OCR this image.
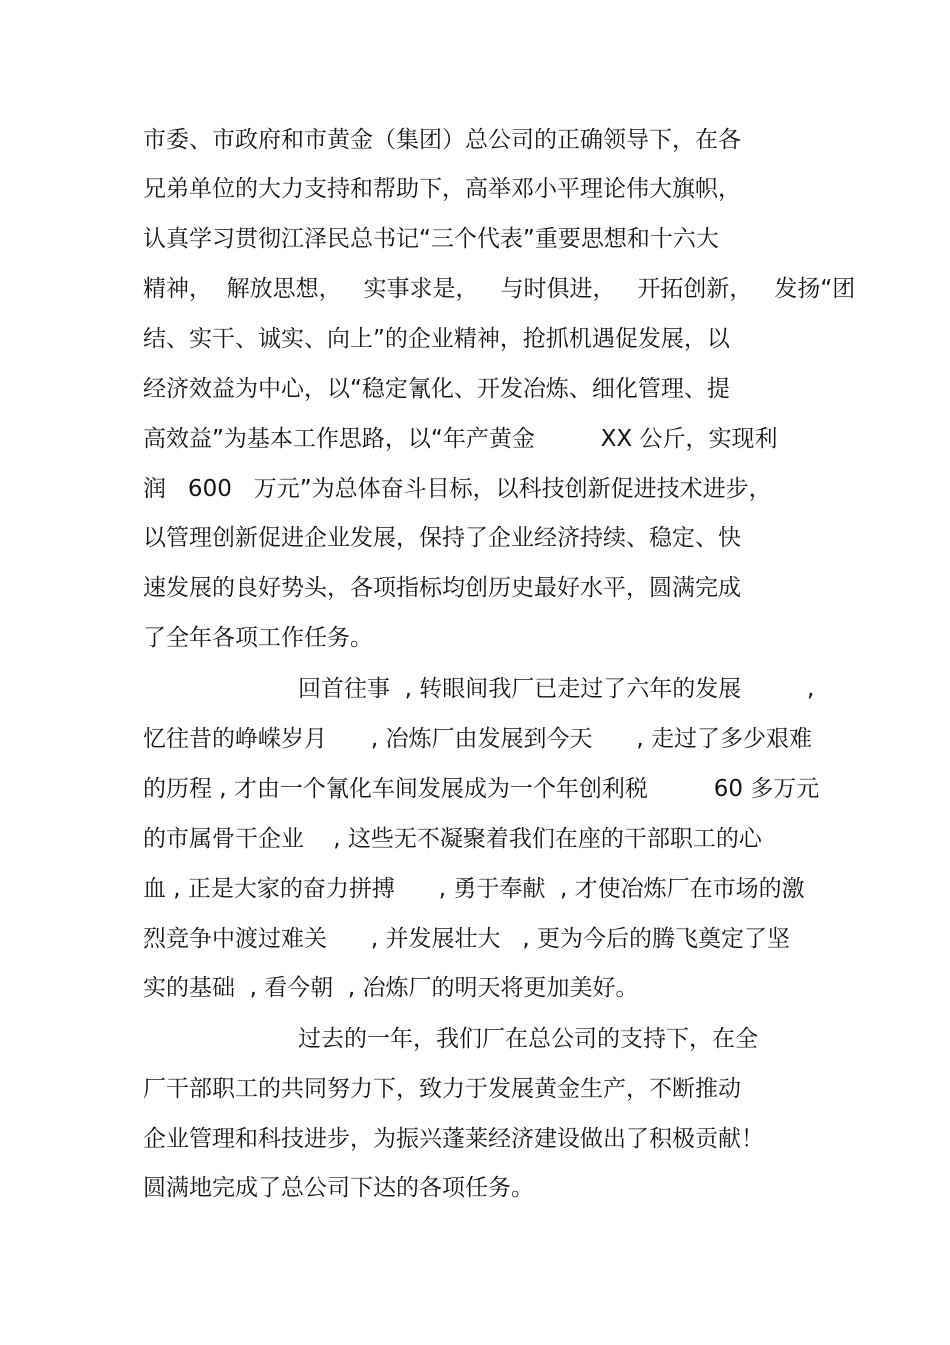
市委、市政府和市黄金（集团）总公司的正确领导下，在各

兄弟单位的大力支持和帮助下，高举邓小平理论伟大旗帜，

认真学习贯彻江泽民总书记“三个代表”重要思想和十六大

精神，  解放思想，   实事求是，   与时俱进，   开拓创新，   发扬“团

结、实干、诚实、向上”的企业精神，抢抓机遇促发展，以

经济效益为中心，以“稳定氰化、开发冶炼、细化管理、提

高效益”为基本工作思路，以“年产黄金         XX 公斤，实现利

润   600   万元”为总体奋斗目标，以科技创新促进技术进步，

以管理创新促进企业发展，保持了企业经济持续、稳定、快

速发展的良好势头，各项指标均创历史最好水平，圆满完成

了全年各项工作任务。

回首往事  , 转眼间我厂已走过了六年的发展         ,

忆往昔的峥嵘岁月      , 冶炼厂由发展到今天      , 走过了多少艰难

的历程 , 才由一个氰化车间发展成为一个年创利税         60 多万元

的市属骨干企业    , 这些无不凝聚着我们在座的干部职工的心

血 , 正是大家的奋力拼搏      , 勇于奉献  , 才使冶炼厂在市场的激

烈竞争中渡过难关      , 并发展壮大   , 更为今后的腾飞奠定了坚

实的基础  , 看今朝  , 冶炼厂的明天将更加美好。

过去的一年，我们厂在总公司的支持下，在全

厂干部职工的共同努力下，致力于发展黄金生产，不断推动

企业管理和科技进步，为振兴蓬莱经济建设做出了积极贡献！

圆满地完成了总公司下达的各项任务。
